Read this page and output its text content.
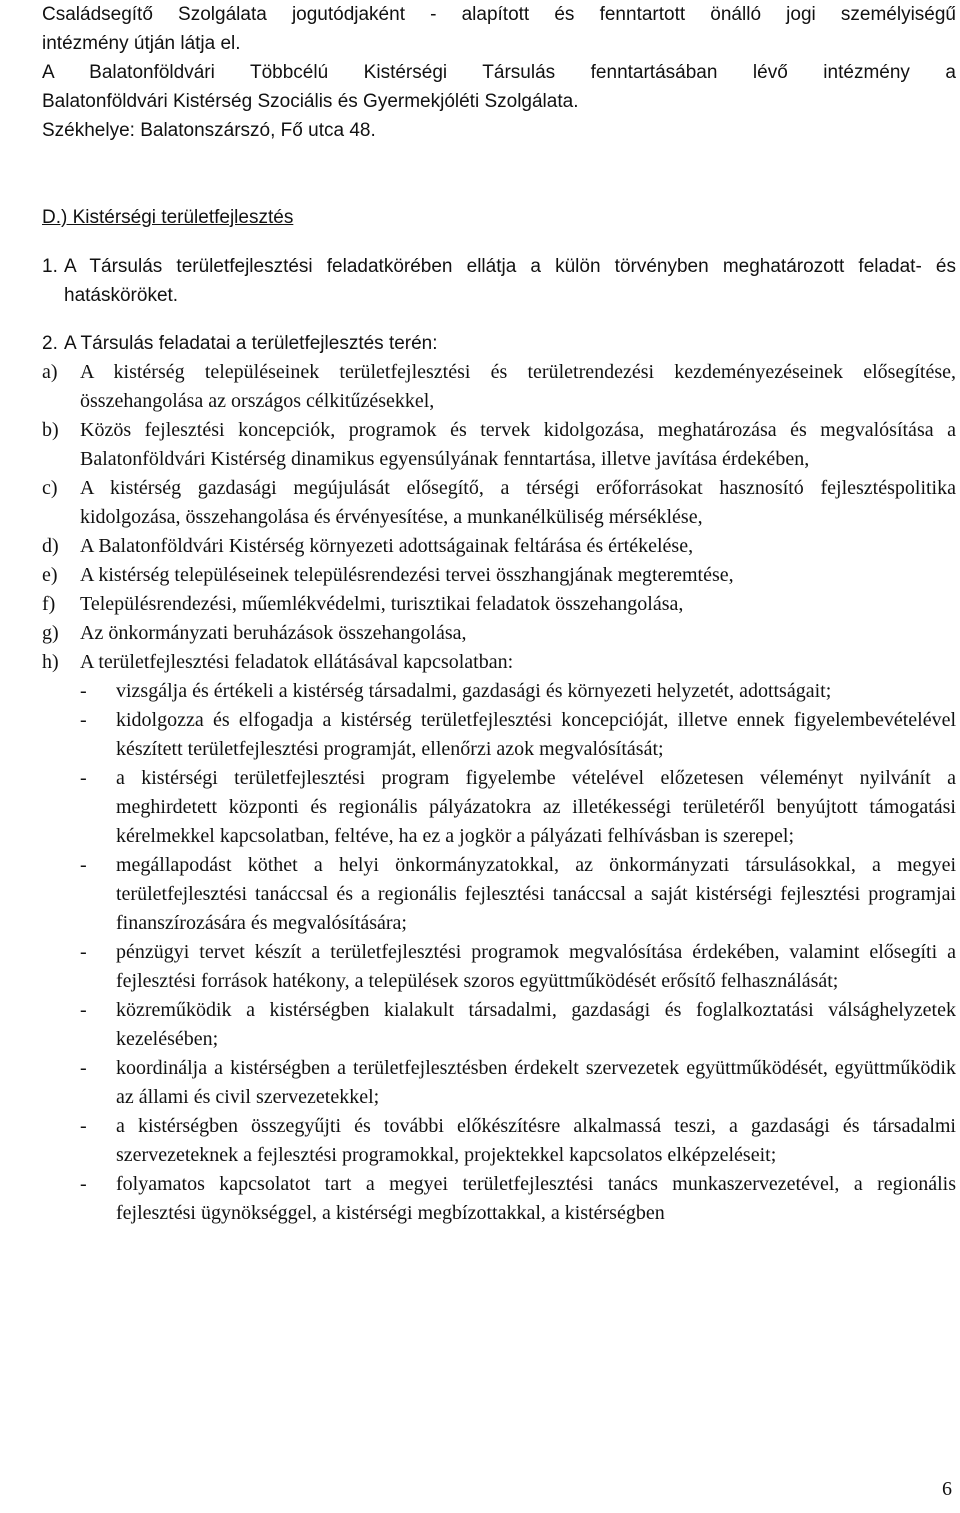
Családsegítő Szolgálata jogutódjaként - alapított és fenntartott önálló jogi személyiségű

intézmény útján látja el.

A Balatonföldvári Többcélú Kistérségi Társulás fenntartásában lévő intézmény a

Balatonföldvári Kistérség Szociális és Gyermekjóléti Szolgálata.

Székhelye: Balatonszárszó, Fő utca 48.

D.) Kistérségi területfejlesztés

1. A Társulás területfejlesztési feladatkörében ellátja a külön törvényben meghatározott feladat- és hatásköröket.
2. A Társulás feladatai a területfejlesztés terén:
a)	A kistérség településeinek területfejlesztési és területrendezési kezdeményezéseinek elősegítése, összehangolása az országos célkitűzésekkel,
b)	Közös fejlesztési koncepciók, programok és tervek kidolgozása, meghatározása és megvalósítása a Balatonföldvári Kistérség dinamikus egyensúlyának fenntartása, illetve javítása érdekében,
c)	A kistérség gazdasági megújulását elősegítő, a térségi erőforrásokat hasznosító fejlesztéspolitika kidolgozása, összehangolása és érvényesítése, a munkanélküliség mérséklése,
d)	A Balatonföldvári Kistérség környezeti adottságainak feltárása és értékelése,
e)	A kistérség településeinek településrendezési tervei összhangjának megteremtése,
f)	Településrendezési, műemlékvédelmi, turisztikai feladatok összehangolása,
g)	Az önkormányzati beruházások összehangolása,
h)	A területfejlesztési feladatok ellátásával kapcsolatban:
-	vizsgálja és értékeli a kistérség társadalmi, gazdasági és környezeti helyzetét, adottságait;
-	kidolgozza és elfogadja a kistérség területfejlesztési koncepcióját, illetve ennek figyelembevételével készített területfejlesztési programját, ellenőrzi azok megvalósítását;
-	a kistérségi területfejlesztési program figyelembe vételével előzetesen véleményt nyilvánít a meghirdetett központi és regionális pályázatokra az illetékességi területéről benyújtott támogatási kérelmekkel kapcsolatban, feltéve, ha ez a jogkör a pályázati felhívásban is szerepel;
-	megállapodást köthet a helyi önkormányzatokkal, az önkormányzati társulásokkal, a megyei területfejlesztési tanáccsal és a regionális fejlesztési tanáccsal a saját kistérségi fejlesztési programjai finanszírozására és megvalósítására;
-	pénzügyi tervet készít a területfejlesztési programok megvalósítása érdekében, valamint elősegíti a fejlesztési források hatékony, a települések szoros együttműködését erősítő felhasználását;
-	közreműködik a kistérségben kialakult társadalmi, gazdasági és foglalkoztatási válsághelyzetek kezelésében;
-	koordinálja a kistérségben a területfejlesztésben érdekelt szervezetek együttműködését, együttműködik az állami és civil szervezetekkel;
-	a kistérségben összegyűjti és további előkészítésre alkalmassá teszi, a gazdasági és társadalmi szervezeteknek a fejlesztési programokkal, projektekkel kapcsolatos elképzeléseit;
-	folyamatos kapcsolatot tart a megyei területfejlesztési tanács munkaszervezetével, a regionális fejlesztési ügynökséggel, a kistérségi megbízottakkal, a kistérségben
6
